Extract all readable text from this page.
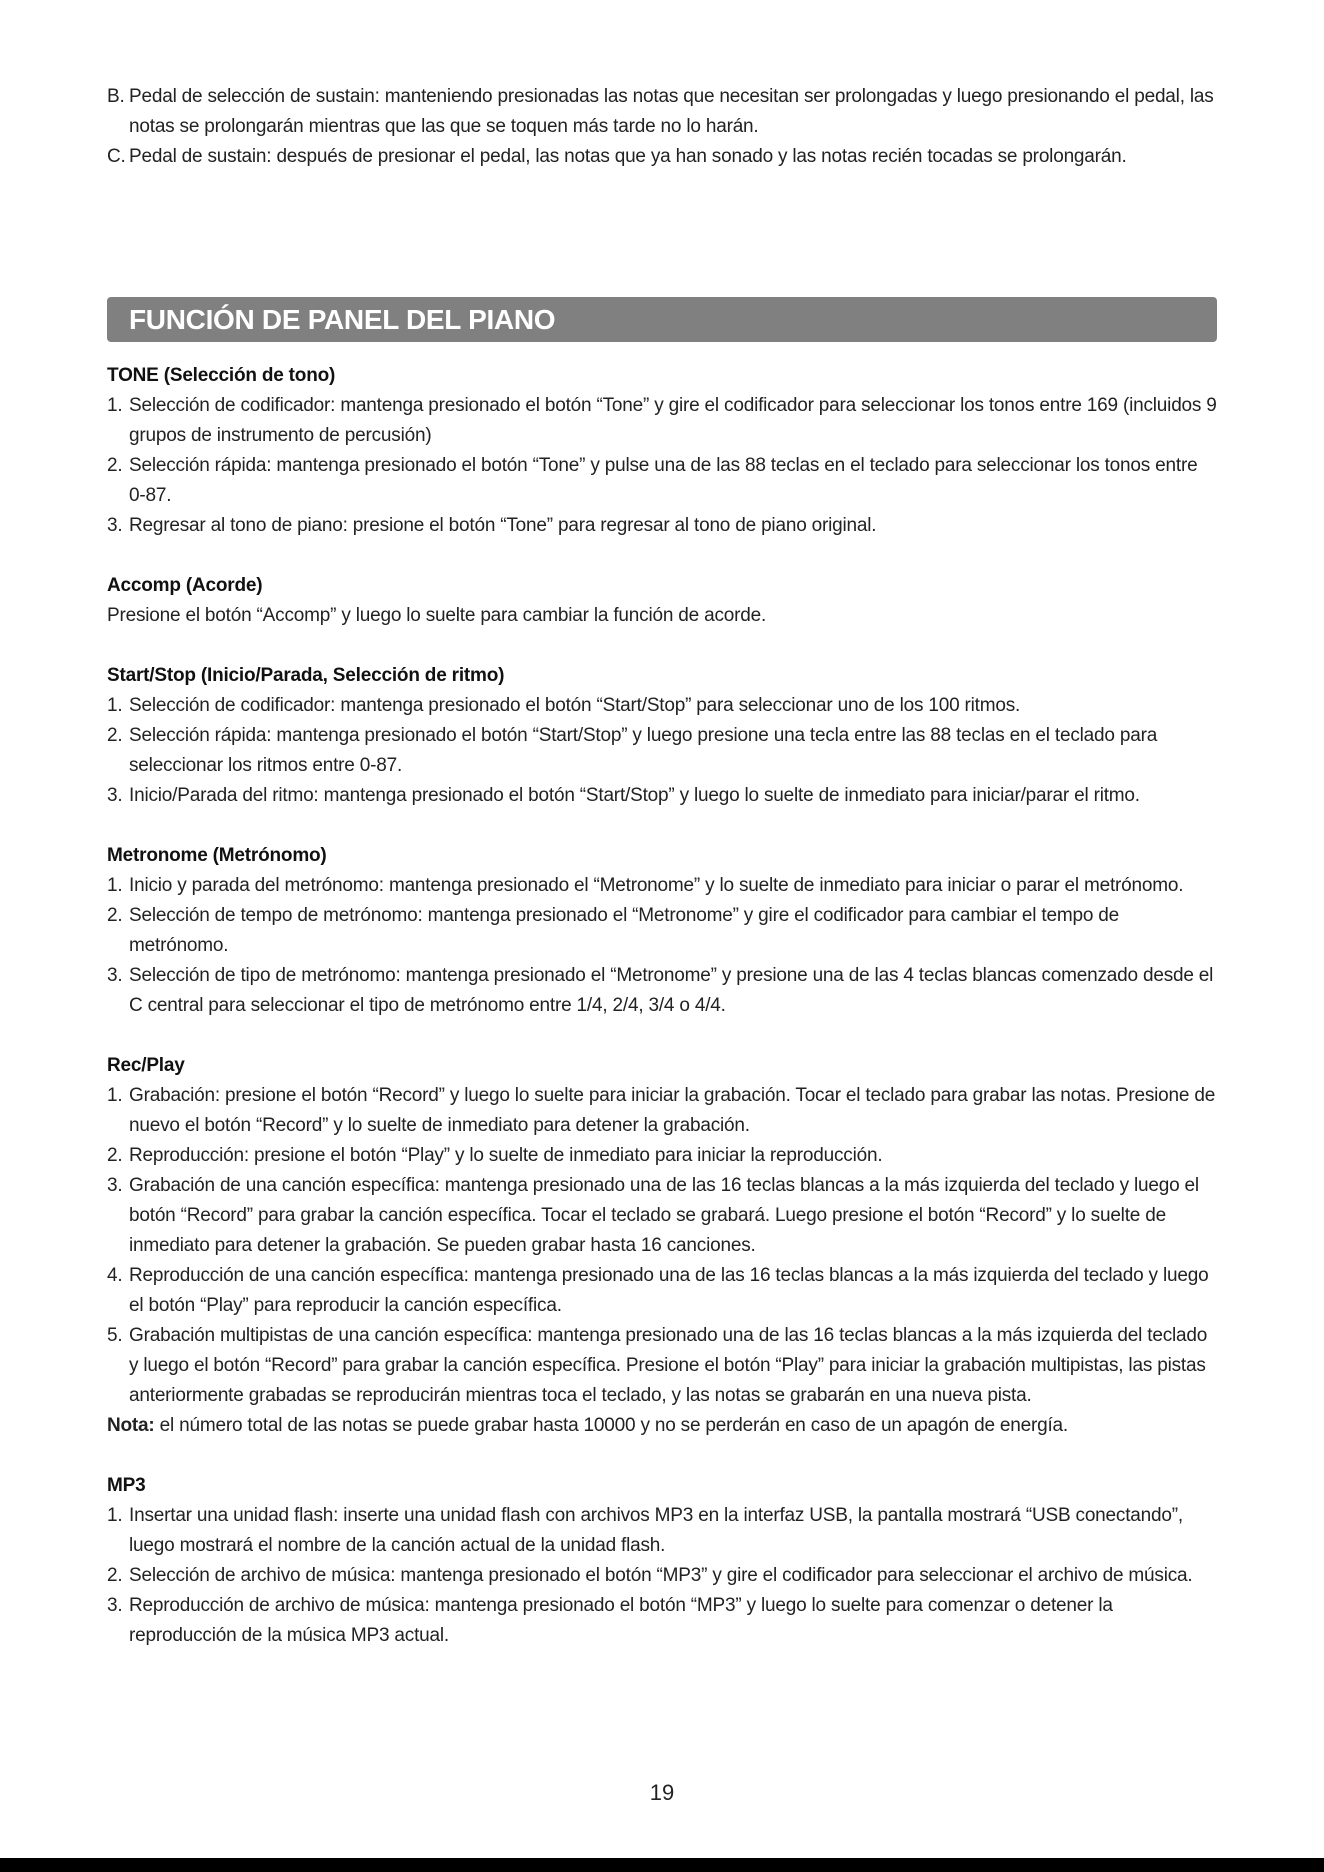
B. Pedal de selección de sustain: manteniendo presionadas las notas que necesitan ser prolongadas y luego presionando el pedal, las notas se prolongarán mientras que las que se toquen más tarde no lo harán.
C. Pedal de sustain: después de presionar el pedal, las notas que ya han sonado y las notas recién tocadas se prolongarán.
FUNCIÓN DE PANEL DEL PIANO
TONE (Selección de tono)
1. Selección de codificador: mantenga presionado el botón “Tone” y gire el codificador para seleccionar los tonos entre 169 (incluidos 9 grupos de instrumento de percusión)
2. Selección rápida: mantenga presionado el botón “Tone” y pulse una de las 88 teclas en el teclado para seleccionar los tonos entre 0-87.
3. Regresar al tono de piano: presione el botón “Tone” para regresar al tono de piano original.
Accomp (Acorde)
Presione el botón “Accomp” y luego lo suelte para cambiar la función de acorde.
Start/Stop (Inicio/Parada, Selección de ritmo)
1. Selección de codificador: mantenga presionado el botón “Start/Stop” para seleccionar uno de los 100 ritmos.
2. Selección rápida: mantenga presionado el botón “Start/Stop” y luego presione una tecla entre las 88 teclas en el teclado para seleccionar los ritmos entre 0-87.
3. Inicio/Parada del ritmo: mantenga presionado el botón “Start/Stop” y luego lo suelte de inmediato para iniciar/parar el ritmo.
Metronome (Metrónomo)
1. Inicio y parada del metrónomo: mantenga presionado el “Metronome” y lo suelte de inmediato para iniciar o parar el metrónomo.
2. Selección de tempo de metrónomo: mantenga presionado el “Metronome” y gire el codificador para cambiar el tempo de metrónomo.
3. Selección de tipo de metrónomo: mantenga presionado el “Metronome” y presione una de las 4 teclas blancas comenzado desde el C central para seleccionar el tipo de metrónomo entre 1/4, 2/4, 3/4 o 4/4.
Rec/Play
1. Grabación: presione el botón “Record” y luego lo suelte para iniciar la grabación. Tocar el teclado para grabar las notas. Presione de nuevo el botón “Record” y lo suelte de inmediato para detener la grabación.
2. Reproducción: presione el botón “Play” y lo suelte de inmediato para iniciar la reproducción.
3. Grabación de una canción específica: mantenga presionado una de las 16 teclas blancas a la más izquierda del teclado y luego el botón “Record” para grabar la canción específica. Tocar el teclado se grabará. Luego presione el botón “Record” y lo suelte de inmediato para detener la grabación. Se pueden grabar hasta 16 canciones.
4. Reproducción de una canción específica: mantenga presionado una de las 16 teclas blancas a la más izquierda del teclado y luego el botón “Play” para reproducir la canción específica.
5. Grabación multipistas de una canción específica: mantenga presionado una de las 16 teclas blancas a la más izquierda del teclado y luego el botón “Record” para grabar la canción específica. Presione el botón “Play” para iniciar la grabación multipistas, las pistas anteriormente grabadas se reproducirán mientras toca el teclado, y las notas se grabarán en una nueva pista.
Nota: el número total de las notas se puede grabar hasta 10000 y no se perderán en caso de un apagón de energía.
MP3
1. Insertar una unidad flash: inserte una unidad flash con archivos MP3 en la interfaz USB, la pantalla mostrará “USB conectando”, luego mostrará el nombre de la canción actual de la unidad flash.
2. Selección de archivo de música: mantenga presionado el botón “MP3” y gire el codificador para seleccionar el archivo de música.
3. Reproducción de archivo de música: mantenga presionado el botón “MP3” y luego lo suelte para comenzar o detener la reproducción de la música MP3 actual.
19
